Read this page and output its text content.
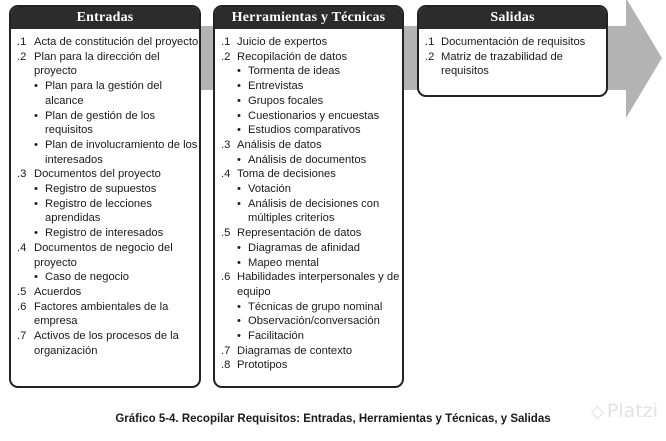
Entradas
.1 Acta de constitución del proyecto
.2 Plan para la dirección del proyecto
• Plan para la gestión del alcance
• Plan de gestión de los requisitos
• Plan de involucramiento de los interesados
.3 Documentos del proyecto
• Registro de supuestos
• Registro de lecciones aprendidas
• Registro de interesados
.4 Documentos de negocio del proyecto
• Caso de negocio
.5 Acuerdos
.6 Factores ambientales de la empresa
.7 Activos de los procesos de la organización
Herramientas y Técnicas
.1 Juicio de expertos
.2 Recopilación de datos
• Tormenta de ideas
• Entrevistas
• Grupos focales
• Cuestionarios y encuestas
• Estudios comparativos
.3 Análisis de datos
• Análisis de documentos
.4 Toma de decisiones
• Votación
• Análisis de decisiones con múltiples criterios
.5 Representación de datos
• Diagramas de afinidad
• Mapeo mental
.6 Habilidades interpersonales y de equipo
• Técnicas de grupo nominal
• Observación/conversación
• Facilitación
.7 Diagramas de contexto
.8 Prototipos
Salidas
.1 Documentación de requisitos
.2 Matriz de trazabilidad de requisitos
Gráfico 5-4. Recopilar Requisitos: Entradas, Herramientas y Técnicas, y Salidas	◇ Platzi
